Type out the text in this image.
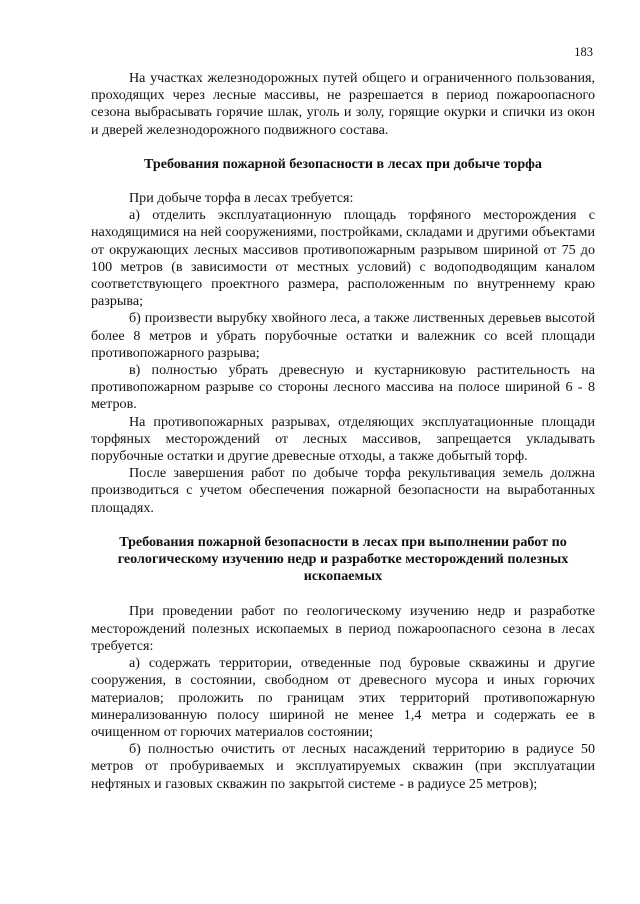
183

На участках железнодорожных путей общего и ограниченного пользования, проходящих через лесные массивы, не разрешается в период пожароопасного сезона выбрасывать горячие шлак, уголь и золу, горящие окурки и спички из окон и дверей железнодорожного подвижного состава.

Требования пожарной безопасности в лесах при добыче торфа

При добыче торфа в лесах требуется:

а) отделить эксплуатационную площадь торфяного месторождения с находящимися на ней сооружениями, постройками, складами и другими объектами от окружающих лесных массивов противопожарным разрывом шириной от 75 до 100 метров (в зависимости от местных условий) с водоподводящим каналом соответствующего проектного размера, расположенным по внутреннему краю разрыва;

б) произвести вырубку хвойного леса, а также лиственных деревьев высотой более 8 метров и убрать порубочные остатки и валежник со всей площади противопожарного разрыва;

в) полностью убрать древесную и кустарниковую растительность на противопожарном разрыве со стороны лесного массива на полосе шириной 6 - 8 метров.

На противопожарных разрывах, отделяющих эксплуатационные площади торфяных месторождений от лесных массивов, запрещается укладывать порубочные остатки и другие древесные отходы, а также добытый торф.

После завершения работ по добыче торфа рекультивация земель должна производиться с учетом обеспечения пожарной безопасности на выработанных площадях.

Требования пожарной безопасности в лесах при выполнении работ по геологическому изучению недр и разработке месторождений полезных ископаемых

При проведении работ по геологическому изучению недр и разработке месторождений полезных ископаемых в период пожароопасного сезона в лесах требуется:

а) содержать территории, отведенные под буровые скважины и другие сооружения, в состоянии, свободном от древесного мусора и иных горючих материалов; проложить по границам этих территорий противопожарную минерализованную полосу шириной не менее 1,4 метра и содержать ее в очищенном от горючих материалов состоянии;

б) полностью очистить от лесных насаждений территорию в радиусе 50 метров от пробуриваемых и эксплуатируемых скважин (при эксплуатации нефтяных и газовых скважин по закрытой системе - в радиусе 25 метров);
